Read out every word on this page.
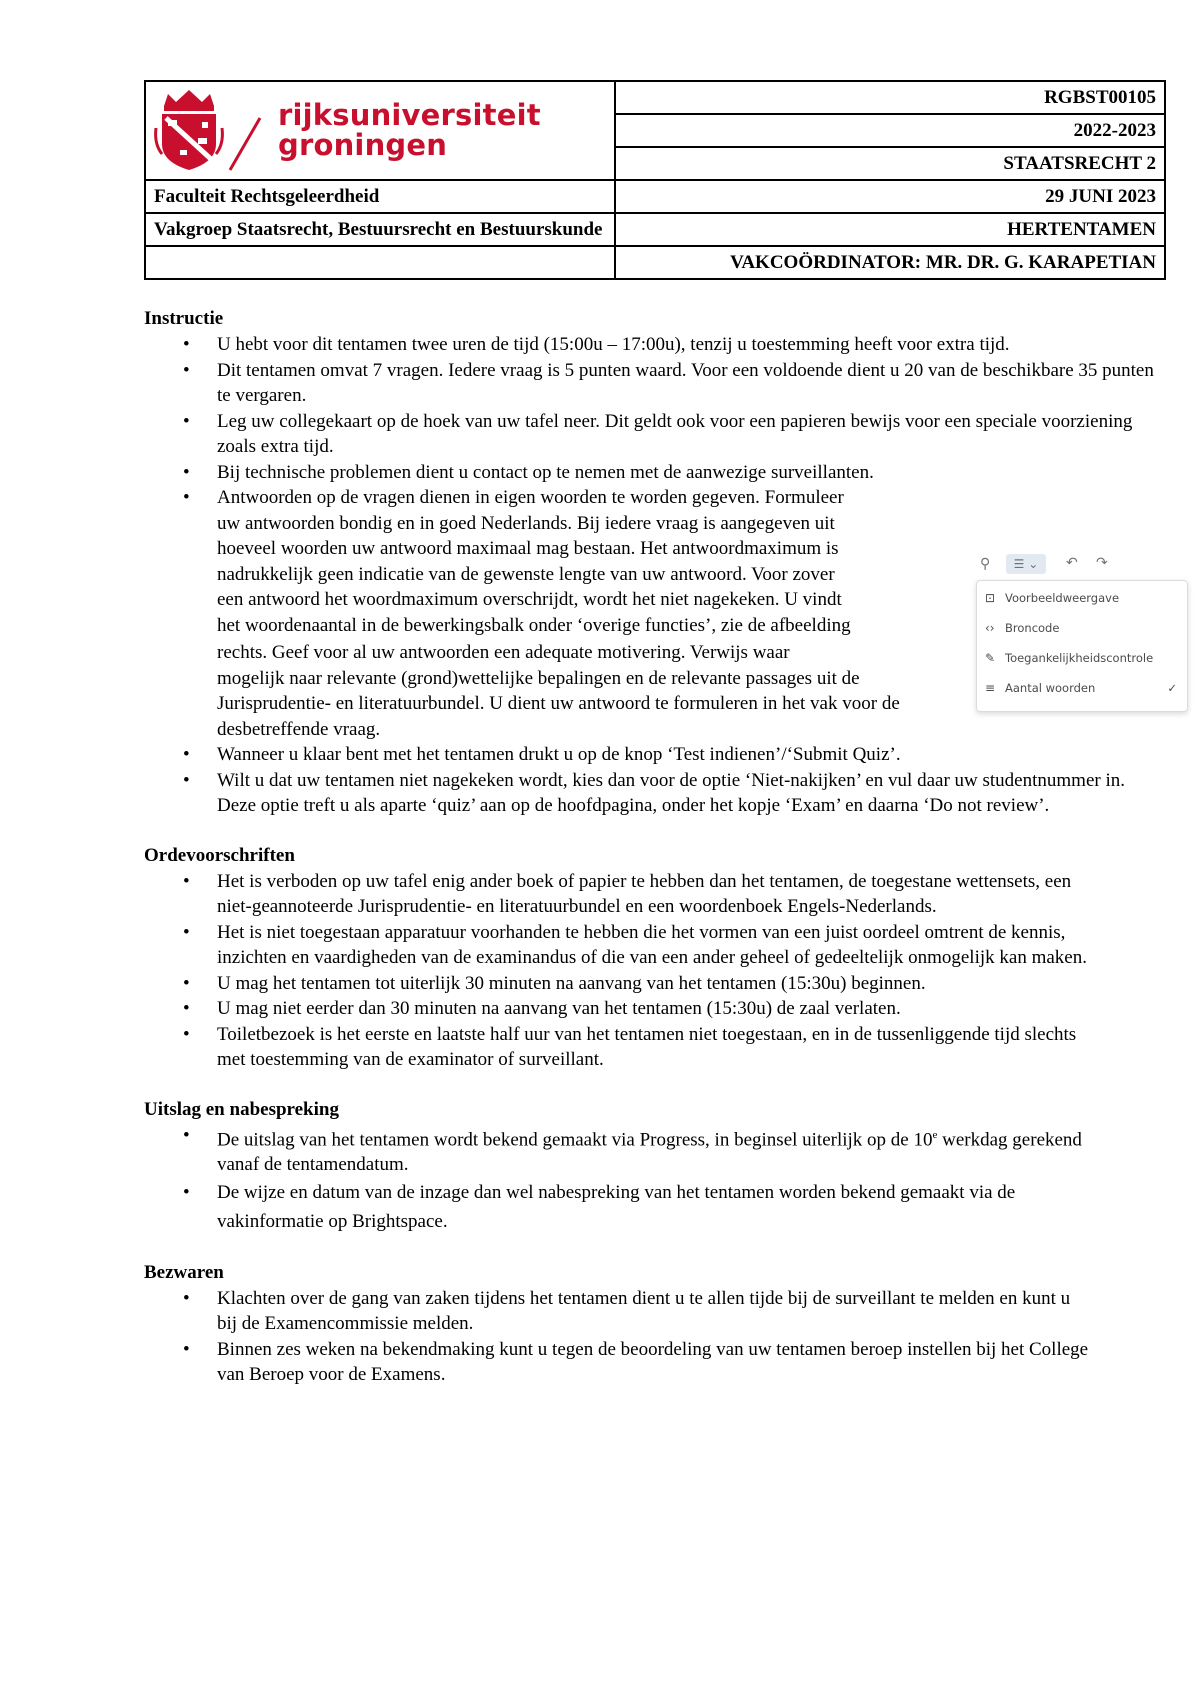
rijksuniversiteit
groningen	RGBST00105
	2022-2023
	STAATSRECHT 2
Faculteit Rechtsgeleerdheid	29 JUNI 2023
Vakgroep Staatsrecht, Bestuursrecht en Bestuurskunde	HERTENTAMEN
	VAKCOÖRDINATOR: MR. DR. G. KARAPETIAN
Instructie
• U hebt voor dit tentamen twee uren de tijd (15:00u – 17:00u), tenzij u toestemming heeft voor extra tijd.
• Dit tentamen omvat 7 vragen. Iedere vraag is 5 punten waard. Voor een voldoende dient u 20 van de beschikbare 35 punten te vergaren.
• Leg uw collegekaart op de hoek van uw tafel neer. Dit geldt ook voor een papieren bewijs voor een speciale voorziening zoals extra tijd.
• Bij technische problemen dient u contact op te nemen met de aanwezige surveillanten.
• Antwoorden op de vragen dienen in eigen woorden te worden gegeven. Formuleer
uw antwoorden bondig en in goed Nederlands. Bij iedere vraag is aangegeven uit
hoeveel woorden uw antwoord maximaal mag bestaan. Het antwoordmaximum is
nadrukkelijk geen indicatie van de gewenste lengte van uw antwoord. Voor zover
een antwoord het woordmaximum overschrijdt, wordt het niet nagekeken. U vindt
het woordenaantal in de bewerkingsbalk onder ‘overige functies’, zie de afbeelding
rechts. Geef voor al uw antwoorden een adequate motivering. Verwijs waar
mogelijk naar relevante (grond)wettelijke bepalingen en de relevante passages uit de
Jurisprudentie- en literatuurbundel. U dient uw antwoord te formuleren in het vak voor de
desbetreffende vraag.
• Wanneer u klaar bent met het tentamen drukt u op de knop ‘Test indienen’/‘Submit Quiz’.
• Wilt u dat uw tentamen niet nagekeken wordt, kies dan voor de optie ‘Niet-nakijken’ en vul daar uw studentnummer in. Deze optie treft u als aparte ‘quiz’ aan op de hoofdpagina, onder het kopje ‘Exam’ en daarna ‘Do not review’.
Ordevoorschriften
• Het is verboden op uw tafel enig ander boek of papier te hebben dan het tentamen, de toegestane wettensets, een niet-geannoteerde Jurisprudentie- en literatuurbundel en een woordenboek Engels-Nederlands.
• Het is niet toegestaan apparatuur voorhanden te hebben die het vormen van een juist oordeel omtrent de kennis, inzichten en vaardigheden van de examinandus of die van een ander geheel of gedeeltelijk onmogelijk kan maken.
• U mag het tentamen tot uiterlijk 30 minuten na aanvang van het tentamen (15:30u) beginnen.
• U mag niet eerder dan 30 minuten na aanvang van het tentamen (15:30u) de zaal verlaten.
• Toiletbezoek is het eerste en laatste half uur van het tentamen niet toegestaan, en in de tussenliggende tijd slechts met toestemming van de examinator of surveillant.
Uitslag en nabespreking
• De uitslag van het tentamen wordt bekend gemaakt via Progress, in beginsel uiterlijk op de 10e werkdag gerekend vanaf de tentamendatum.
• De wijze en datum van de inzage dan wel nabespreking van het tentamen worden bekend gemaakt via de vakinformatie op Brightspace.
Bezwaren
• Klachten over de gang van zaken tijdens het tentamen dient u te allen tijde bij de surveillant te melden en kunt u bij de Examencommissie melden.
• Binnen zes weken na bekendmaking kunt u tegen de beoordeling van uw tentamen beroep instellen bij het College van Beroep voor de Examens.
⚲	☰ ⌄	↶ ↷
⊡ Voorbeeldweergave
‹› Broncode
✎ Toegankelijkheidscontrole
≡ Aantal woorden	✓
